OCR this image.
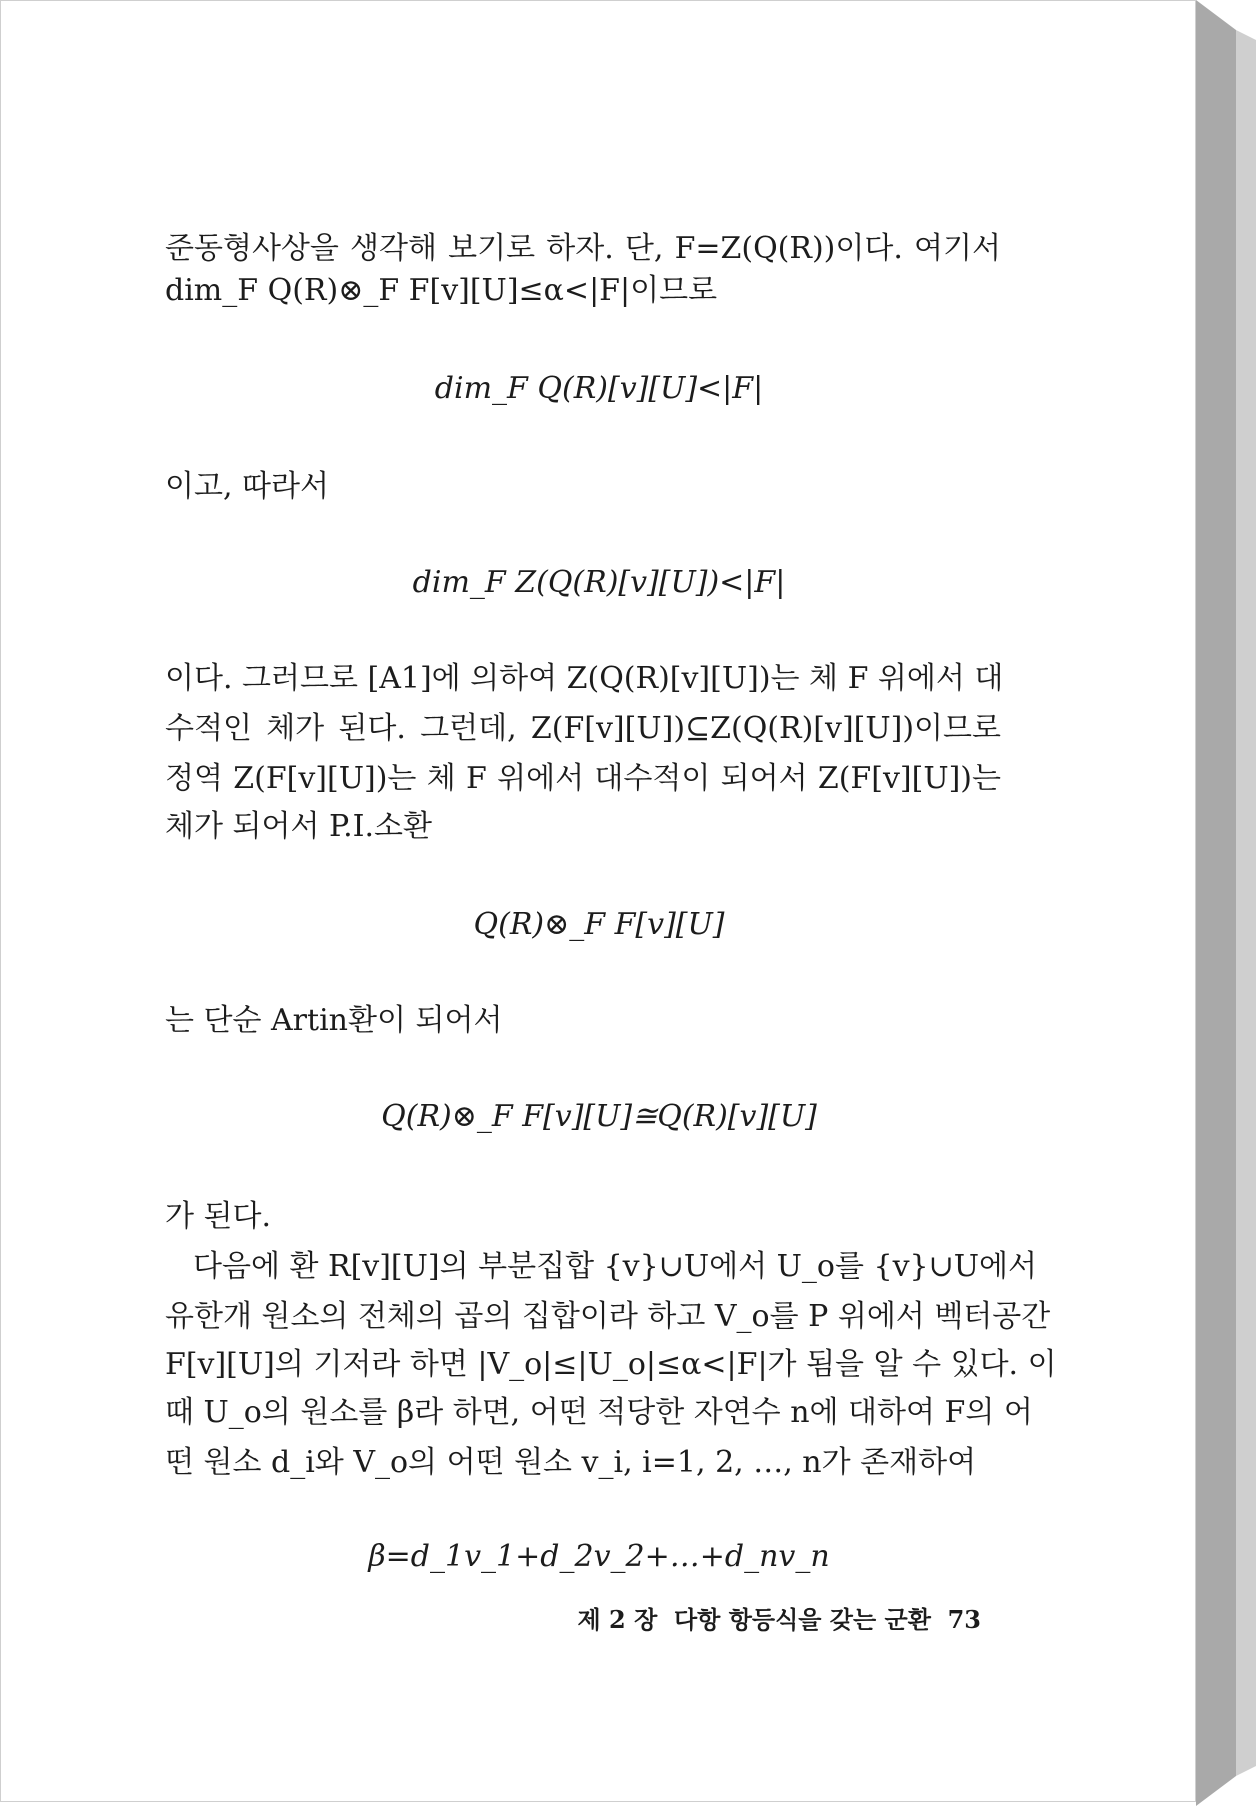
준동형사상을 생각해 보기로 하자. 단, F=Z(Q(R))이다. 여기서
dim_F Q(R)⊗_F F[v][U]≤α<|F|이므로
dim_F Q(R)[v][U]<|F|
이고, 따라서
dim_F Z(Q(R)[v][U])<|F|
이다. 그러므로 [A1]에 의하여 Z(Q(R)[v][U])는 체 F 위에서 대
수적인 체가 된다. 그런데, Z(F[v][U])⊆Z(Q(R)[v][U])이므로
정역 Z(F[v][U])는 체 F 위에서 대수적이 되어서 Z(F[v][U])는
체가 되어서 P.I.소환
Q(R)⊗_F F[v][U]
는 단순 Artin환이 되어서
Q(R)⊗_F F[v][U]≅Q(R)[v][U]
가 된다.
다음에 환 R[v][U]의 부분집합 {v}∪U에서 U_o를 {v}∪U에서
유한개 원소의 전체의 곱의 집합이라 하고 V_o를 P 위에서 벡터공간
F[v][U]의 기저라 하면 |V_o|≤|U_o|≤α<|F|가 됨을 알 수 있다. 이
때 U_o의 원소를 β라 하면, 어떤 적당한 자연수 n에 대하여 F의 어
떤 원소 d_i와 V_o의 어떤 원소 v_i, i=1, 2, …, n가 존재하여
β=d_1v_1+d_2v_2+…+d_nv_n
제 2 장  다항 항등식을 갖는 군환  73
